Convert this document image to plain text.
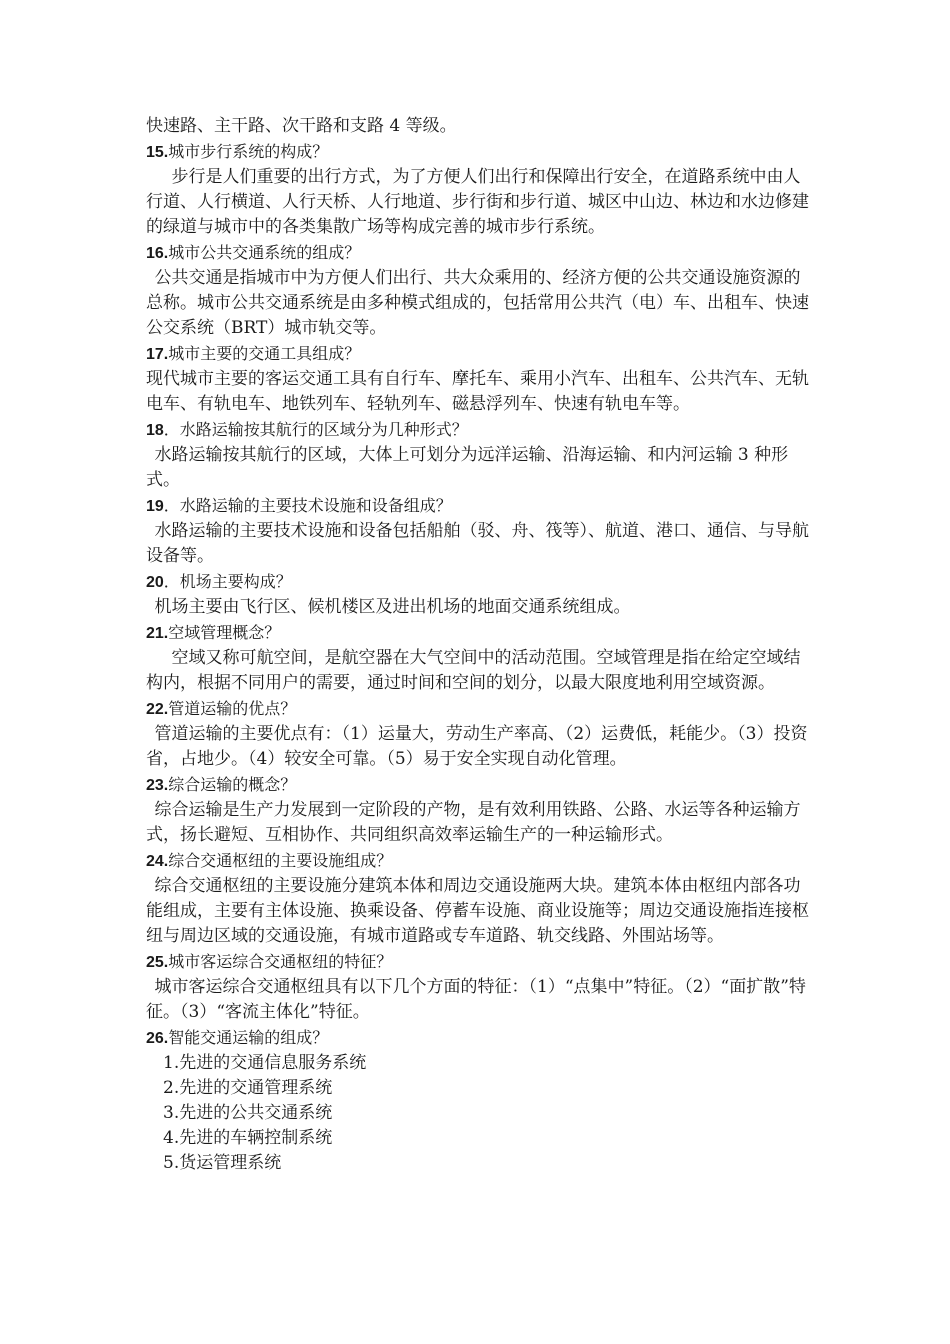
快速路、主干路、次干路和支路 4 等级。

15.城市步行系统的构成？

步行是人们重要的出行方式，为了方便人们出行和保障出行安全，在道路系统中由人行道、人行横道、人行天桥、人行地道、步行街和步行道、城区中山边、林边和水边修建的绿道与城市中的各类集散广场等构成完善的城市步行系统。

16.城市公共交通系统的组成？

公共交通是指城市中为方便人们出行、共大众乘用的、经济方便的公共交通设施资源的总称。城市公共交通系统是由多种模式组成的，包括常用公共汽（电）车、出租车、快速公交系统（BRT）城市轨交等。

17.城市主要的交通工具组成？

现代城市主要的客运交通工具有自行车、摩托车、乘用小汽车、出租车、公共汽车、无轨电车、有轨电车、地铁列车、轻轨列车、磁悬浮列车、快速有轨电车等。

18．水路运输按其航行的区域分为几种形式？

水路运输按其航行的区域，大体上可划分为远洋运输、沿海运输、和内河运输 3 种形式。

19．水路运输的主要技术设施和设备组成？

水路运输的主要技术设施和设备包括船舶（驳、舟、筏等）、航道、港口、通信、与导航设备等。

20．机场主要构成？

机场主要由飞行区、候机楼区及进出机场的地面交通系统组成。

21.空域管理概念？

空域又称可航空间，是航空器在大气空间中的活动范围。空域管理是指在给定空域结构内，根据不同用户的需要，通过时间和空间的划分，以最大限度地利用空域资源。

22.管道运输的优点？

管道运输的主要优点有：（1）运量大，劳动生产率高、（2）运费低，耗能少。（3）投资省，占地少。（4）较安全可靠。（5）易于安全实现自动化管理。

23.综合运输的概念？

综合运输是生产力发展到一定阶段的产物，是有效利用铁路、公路、水运等各种运输方式，扬长避短、互相协作、共同组织高效率运输生产的一种运输形式。

24.综合交通枢纽的主要设施组成？

综合交通枢纽的主要设施分建筑本体和周边交通设施两大块。建筑本体由枢纽内部各功能组成，主要有主体设施、换乘设备、停蓄车设施、商业设施等；周边交通设施指连接枢纽与周边区域的交通设施，有城市道路或专车道路、轨交线路、外围站场等。

25.城市客运综合交通枢纽的特征？

城市客运综合交通枢纽具有以下几个方面的特征：（1）“点集中”特征。（2）“面扩散”特征。（3）“客流主体化”特征。

26.智能交通运输的组成？

1.先进的交通信息服务系统
2.先进的交通管理系统
3.先进的公共交通系统
4.先进的车辆控制系统
5.货运管理系统
